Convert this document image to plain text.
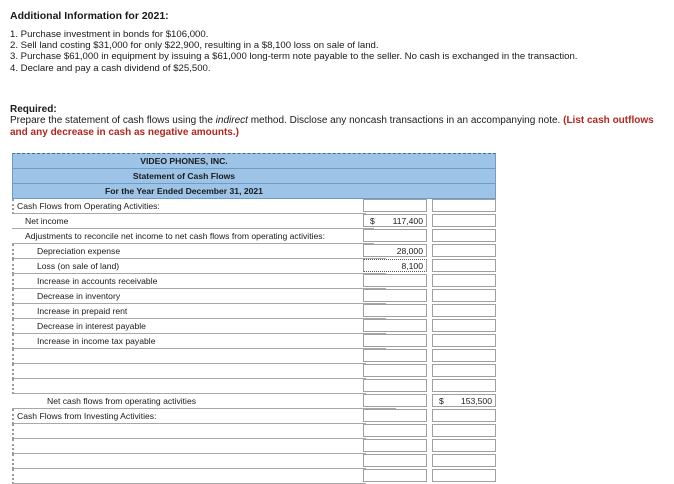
Additional Information for 2021:
1. Purchase investment in bonds for $106,000.
2. Sell land costing $31,000 for only $22,900, resulting in a $8,100 loss on sale of land.
3. Purchase $61,000 in equipment by issuing a $61,000 long-term note payable to the seller. No cash is exchanged in the transaction.
4. Declare and pay a cash dividend of $25,500.
Required:
Prepare the statement of cash flows using the indirect method. Disclose any noncash transactions in an accompanying note. (List cash outflows and any decrease in cash as negative amounts.)
VIDEO PHONES, INC.
Statement of Cash Flows
For the Year Ended December 31, 2021
Cash Flows from Operating Activities:
Net income	$ 117,400
Adjustments to reconcile net income to net cash flows from operating activities:
Depreciation expense	28,000
Loss (on sale of land)	8,100
Increase in accounts receivable
Decrease in inventory
Increase in prepaid rent
Decrease in interest payable
Increase in income tax payable
Net cash flows from operating activities	$ 153,500
Cash Flows from Investing Activities:
